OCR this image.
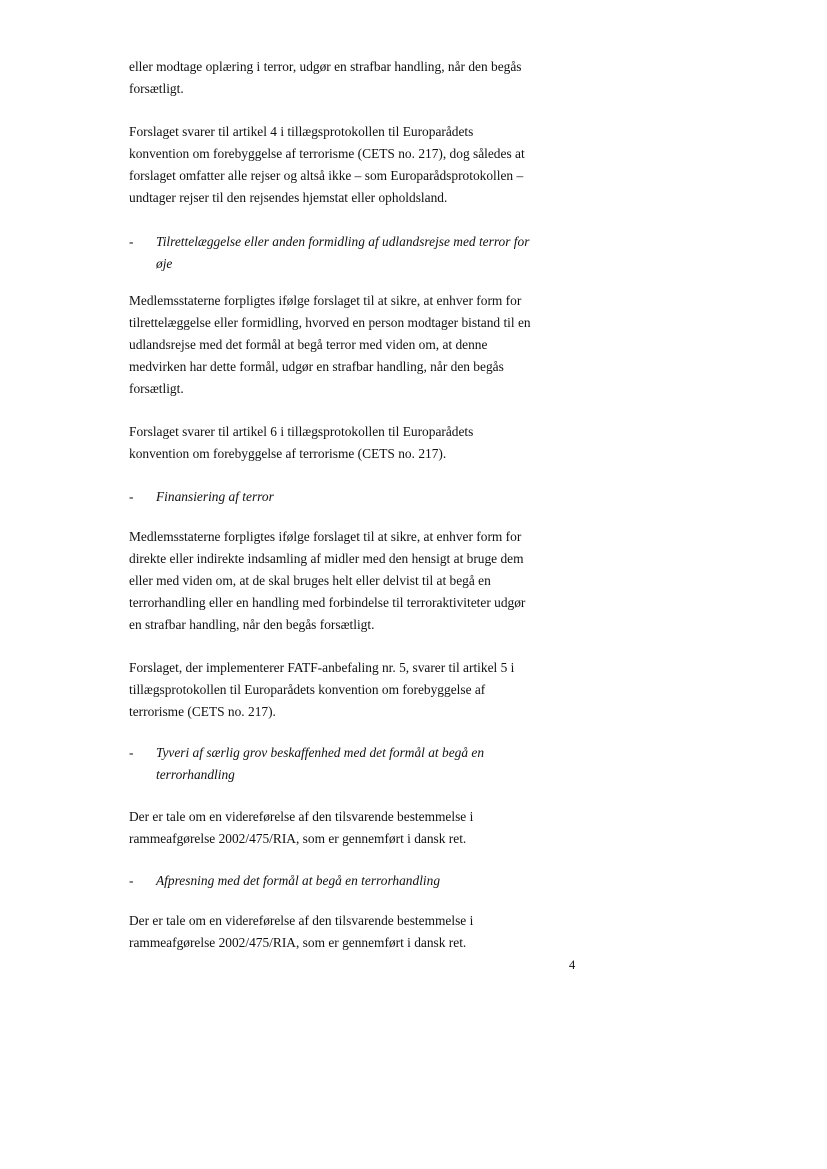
eller modtage oplæring i terror, udgør en strafbar handling, når den begås
forsætligt.
Forslaget svarer til artikel 4 i tillægsprotokollen til Europarådets
konvention om forebyggelse af terrorisme (CETS no. 217), dog således at
forslaget omfatter alle rejser og altså ikke – som Europarådsprotokollen –
undtager rejser til den rejsendes hjemstat eller opholdsland.
- Tilrettelæggelse eller anden formidling af udlandsrejse med terror for
øje
Medlemsstaterne forpligtes ifølge forslaget til at sikre, at enhver form for
tilrettelæggelse eller formidling, hvorved en person modtager bistand til en
udlandsrejse med det formål at begå terror med viden om, at denne
medvirken har dette formål, udgør en strafbar handling, når den begås
forsætligt.
Forslaget svarer til artikel 6 i tillægsprotokollen til Europarådets
konvention om forebyggelse af terrorisme (CETS no. 217).
- Finansiering af terror
Medlemsstaterne forpligtes ifølge forslaget til at sikre, at enhver form for
direkte eller indirekte indsamling af midler med den hensigt at bruge dem
eller med viden om, at de skal bruges helt eller delvist til at begå en
terrorhandling eller en handling med forbindelse til terroraktiviteter udgør
en strafbar handling, når den begås forsætligt.
Forslaget, der implementerer FATF-anbefaling nr. 5, svarer til artikel 5 i
tillægsprotokollen til Europarådets konvention om forebyggelse af
terrorisme (CETS no. 217).
- Tyveri af særlig grov beskaffenhed med det formål at begå en
terrorhandling
Der er tale om en videreførelse af den tilsvarende bestemmelse i
rammeafgørelse 2002/475/RIA, som er gennemført i dansk ret.
- Afpresning med det formål at begå en terrorhandling
Der er tale om en videreførelse af den tilsvarende bestemmelse i
rammeafgørelse 2002/475/RIA, som er gennemført i dansk ret.
4
